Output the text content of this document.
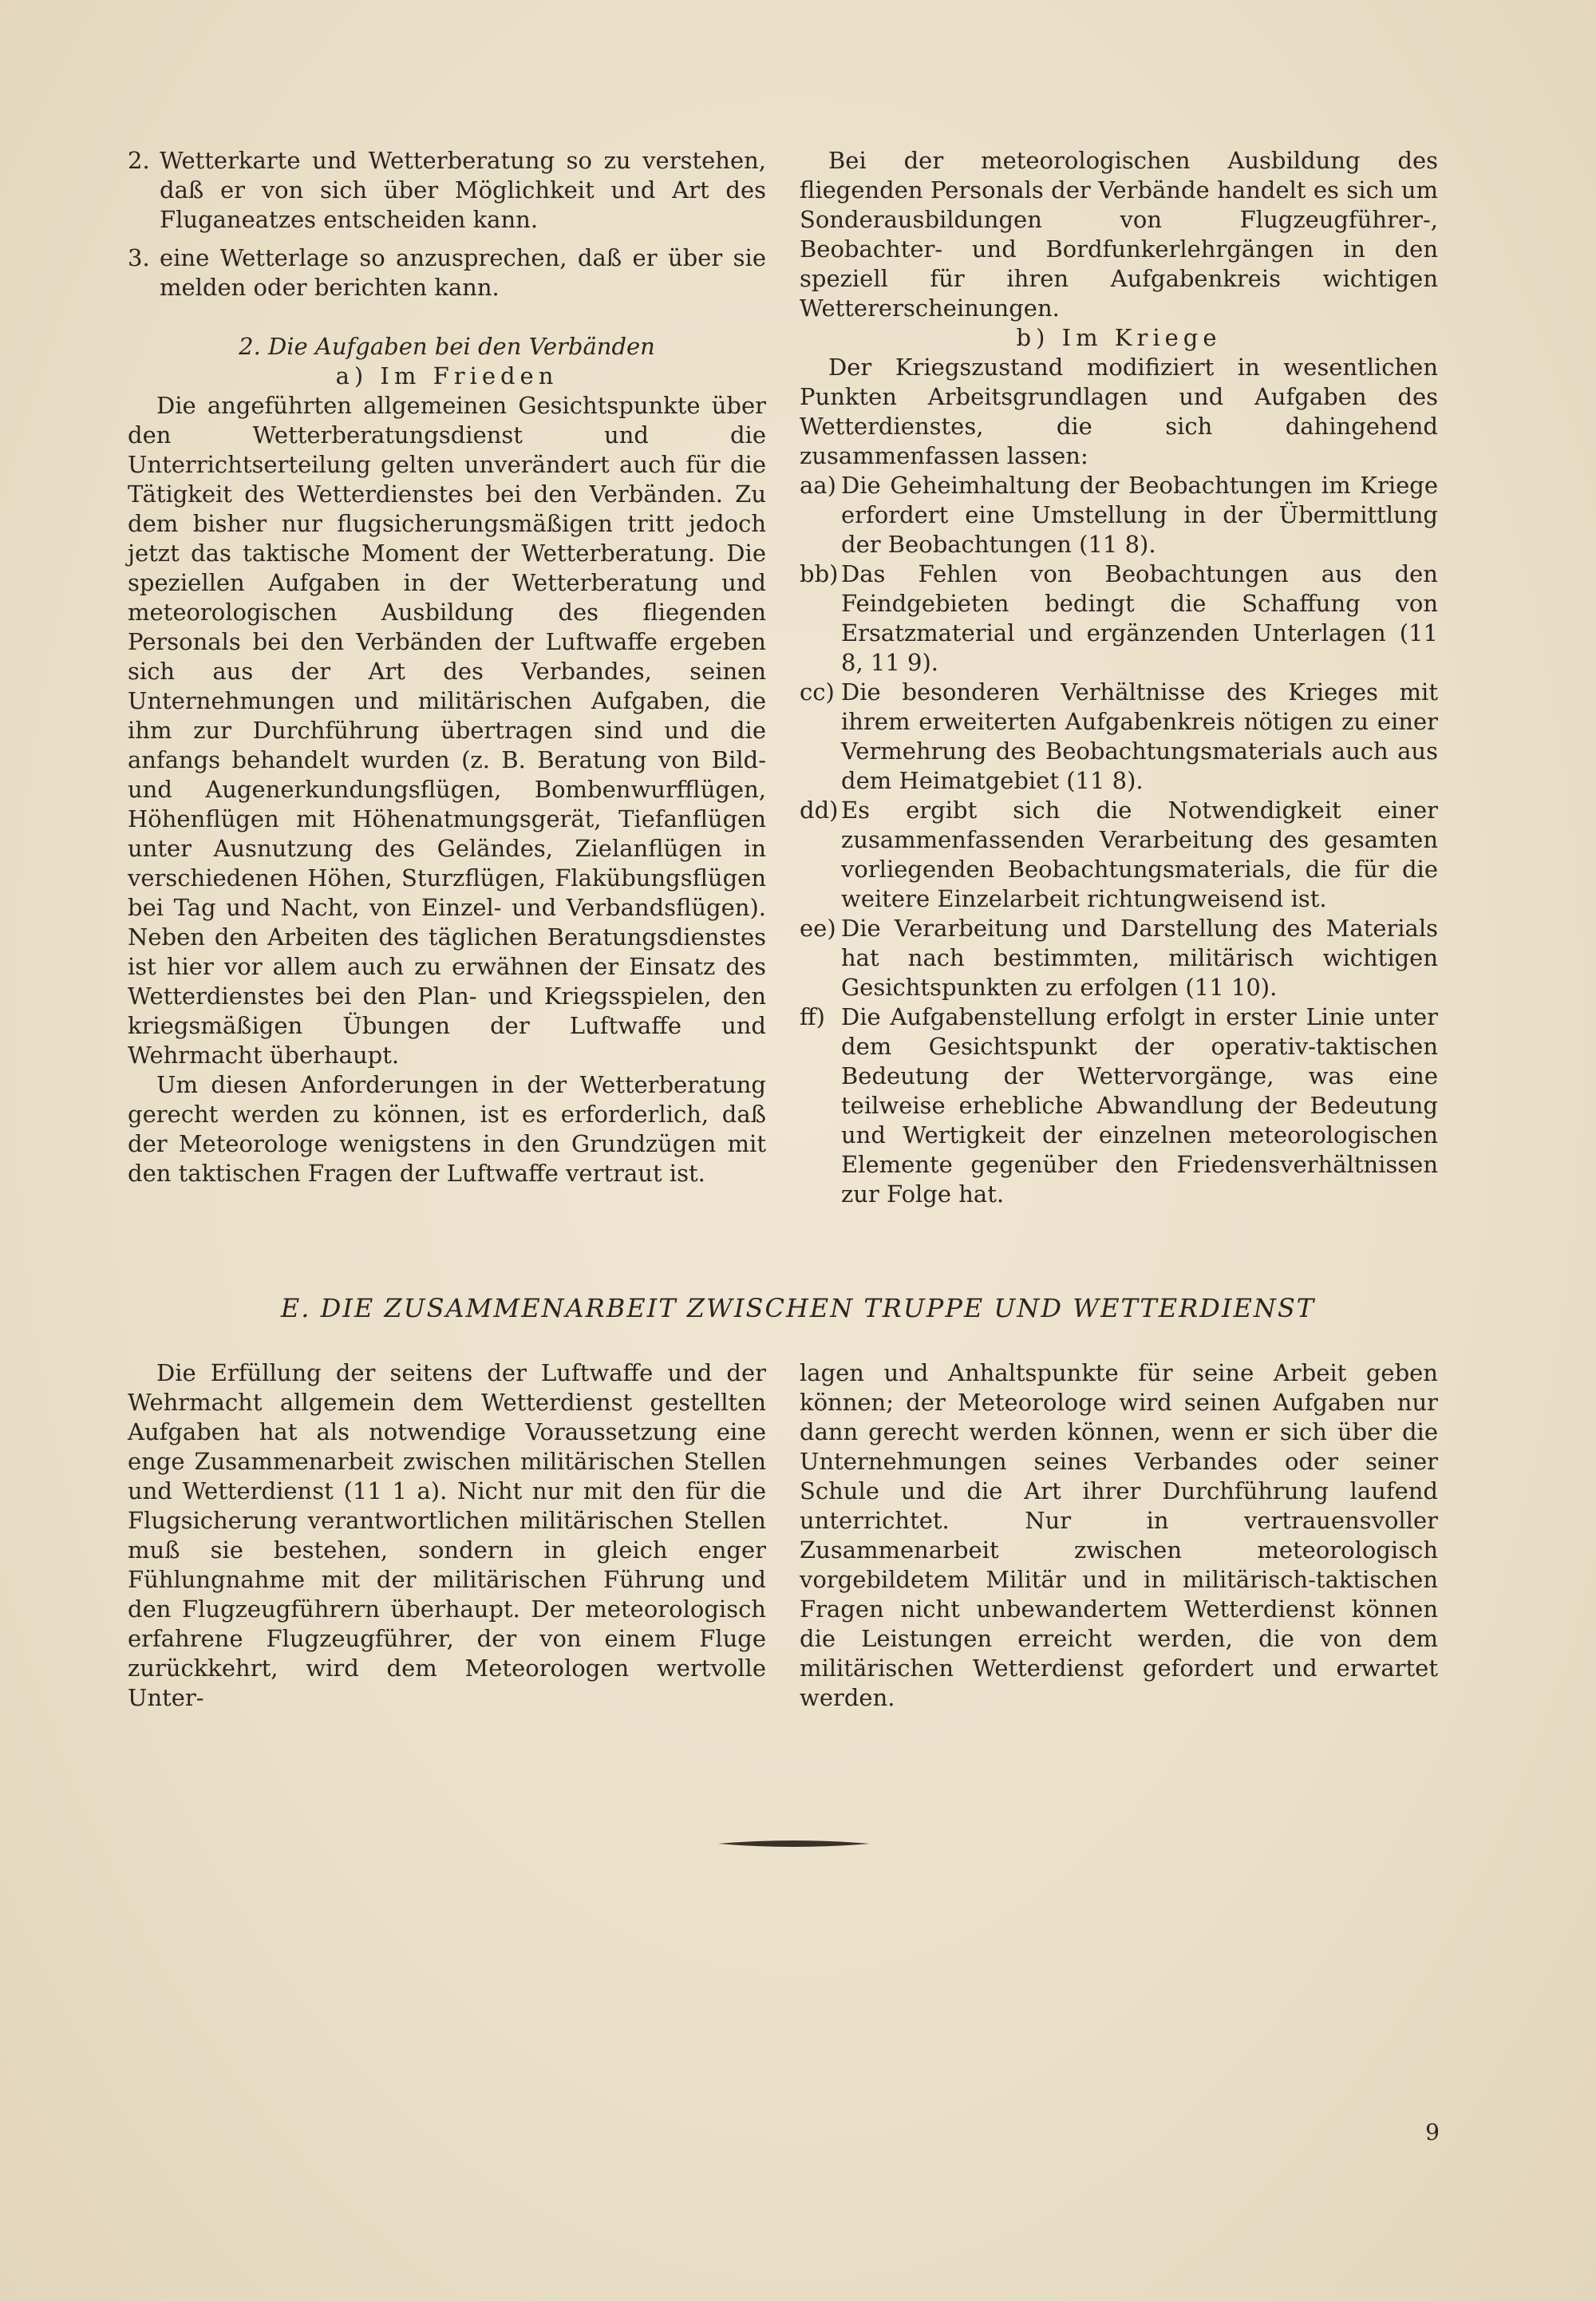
2. Wetterkarte und Wetterberatung so zu verstehen, daß er von sich über Möglichkeit und Art des Fluganeatzes entscheiden kann.
3. eine Wetterlage so anzusprechen, daß er über sie melden oder berichten kann.

2. Die Aufgaben bei den Verbänden

a) Im Frieden

Die angeführten allgemeinen Gesichtspunkte über den Wetterberatungsdienst und die Unterrichtserteilung gelten unverändert auch für die Tätigkeit des Wetterdienstes bei den Verbänden. Zu dem bisher nur flugsicherungsmäßigen tritt jedoch jetzt das taktische Moment der Wetterberatung. Die speziellen Aufgaben in der Wetterberatung und meteorologischen Ausbildung des fliegenden Personals bei den Verbänden der Luftwaffe ergeben sich aus der Art des Verbandes, seinen Unternehmungen und militärischen Aufgaben, die ihm zur Durchführung übertragen sind und die anfangs behandelt wurden (z. B. Beratung von Bild- und Augenerkundungsflügen, Bombenwurfflügen, Höhenflügen mit Höhenatmungsgerät, Tiefanflügen unter Ausnutzung des Geländes, Zielanflügen in verschiedenen Höhen, Sturzflügen, Flakübungsflügen bei Tag und Nacht, von Einzel- und Verbandsflügen). Neben den Arbeiten des täglichen Beratungsdienstes ist hier vor allem auch zu erwähnen der Einsatz des Wetterdienstes bei den Plan- und Kriegsspielen, den kriegsmäßigen Übungen der Luftwaffe und Wehrmacht überhaupt.

Um diesen Anforderungen in der Wetterberatung gerecht werden zu können, ist es erforderlich, daß der Meteorologe wenigstens in den Grundzügen mit den taktischen Fragen der Luftwaffe vertraut ist.

Bei der meteorologischen Ausbildung des fliegenden Personals der Verbände handelt es sich um Sonderausbildungen von Flugzeugführer-, Beobachter- und Bordfunkerlehrgängen in den speziell für ihren Aufgabenkreis wichtigen Wettererscheinungen.

b) Im Kriege

Der Kriegszustand modifiziert in wesentlichen Punkten Arbeitsgrundlagen und Aufgaben des Wetterdienstes, die sich dahingehend zusammenfassen lassen:

aa) Die Geheimhaltung der Beobachtungen im Kriege erfordert eine Umstellung in der Übermittlung der Beobachtungen (11 8).
bb) Das Fehlen von Beobachtungen aus den Feindgebieten bedingt die Schaffung von Ersatzmaterial und ergänzenden Unterlagen (11 8, 11 9).
cc) Die besonderen Verhältnisse des Krieges mit ihrem erweiterten Aufgabenkreis nötigen zu einer Vermehrung des Beobachtungsmaterials auch aus dem Heimatgebiet (11 8).
dd) Es ergibt sich die Notwendigkeit einer zusammenfassenden Verarbeitung des gesamten vorliegenden Beobachtungsmaterials, die für die weitere Einzelarbeit richtungweisend ist.
ee) Die Verarbeitung und Darstellung des Materials hat nach bestimmten, militärisch wichtigen Gesichtspunkten zu erfolgen (11 10).
ff) Die Aufgabenstellung erfolgt in erster Linie unter dem Gesichtspunkt der operativ-taktischen Bedeutung der Wettervorgänge, was eine teilweise erhebliche Abwandlung der Bedeutung und Wertigkeit der einzelnen meteorologischen Elemente gegenüber den Friedensverhältnissen zur Folge hat.
E. DIE ZUSAMMENARBEIT ZWISCHEN TRUPPE UND WETTERDIENST

Die Erfüllung der seitens der Luftwaffe und der Wehrmacht allgemein dem Wetterdienst gestellten Aufgaben hat als notwendige Voraussetzung eine enge Zusammenarbeit zwischen militärischen Stellen und Wetterdienst (11 1 a). Nicht nur mit den für die Flugsicherung verantwortlichen militärischen Stellen muß sie bestehen, sondern in gleich enger Fühlungnahme mit der militärischen Führung und den Flugzeugführern überhaupt. Der meteorologisch erfahrene Flugzeugführer, der von einem Fluge zurückkehrt, wird dem Meteorologen wertvolle Unter-

lagen und Anhaltspunkte für seine Arbeit geben können; der Meteorologe wird seinen Aufgaben nur dann gerecht werden können, wenn er sich über die Unternehmungen seines Verbandes oder seiner Schule und die Art ihrer Durchführung laufend unterrichtet. Nur in vertrauensvoller Zusammenarbeit zwischen meteorologisch vorgebildetem Militär und in militärisch-taktischen Fragen nicht unbewandertem Wetterdienst können die Leistungen erreicht werden, die von dem militärischen Wetterdienst gefordert und erwartet werden.

9
